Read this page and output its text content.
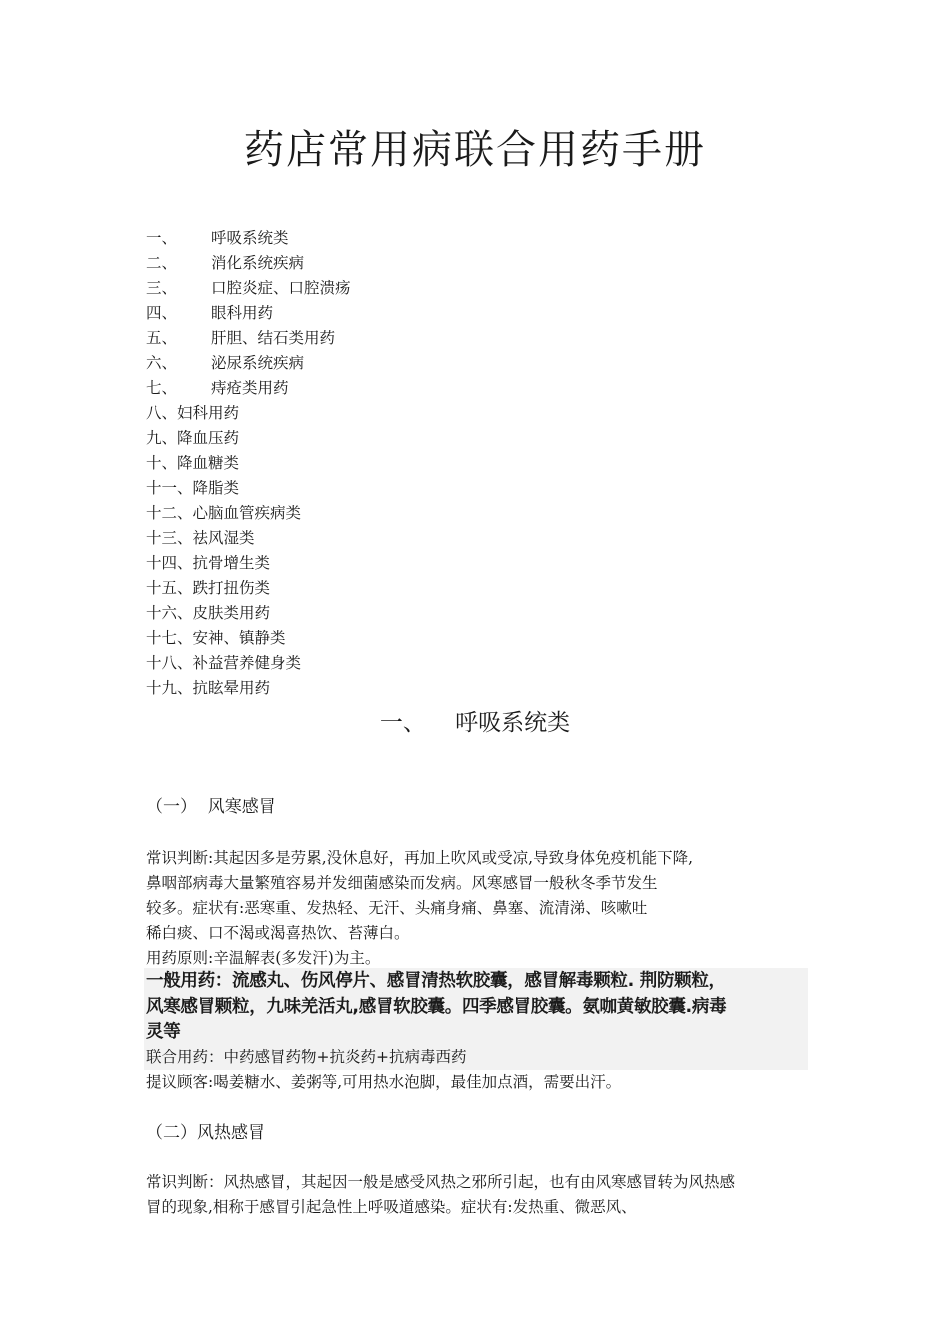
药店常用病联合用药手册
一、 呼吸系统类
二、 消化系统疾病
三、 口腔炎症、口腔溃疡
四、 眼科用药
五、 肝胆、结石类用药
六、 泌尿系统疾病
七、 痔疮类用药
八、妇科用药
九、降血压药
十、降血糖类
十一、降脂类
十二、心脑血管疾病类
十三、祛风湿类
十四、抗骨增生类
十五、跌打扭伤类
十六、皮肤类用药
十七、安神、镇静类
十八、补益营养健身类
十九、抗眩晕用药
一、    呼吸系统类
（一）  风寒感冒
常识判断:其起因多是劳累,没休息好，再加上吹风或受凉,导致身体免疫机能下降,
鼻咽部病毒大量繁殖容易并发细菌感染而发病。风寒感冒一般秋冬季节发生
较多。症状有:恶寒重、发热轻、无汗、头痛身痛、鼻塞、流清涕、咳嗽吐
稀白痰、口不渴或渴喜热饮、苔薄白。
用药原则:辛温解表(多发汗)为主。
一般用药：流感丸、伤风停片、感冒清热软胶囊，感冒解毒颗粒. 荆防颗粒，
风寒感冒颗粒，九味羌活丸,感冒软胶囊。四季感冒胶囊。氨咖黄敏胶囊.病毒
灵等
联合用药：中药感冒药物+抗炎药+抗病毒西药
提议顾客:喝姜糖水、姜粥等,可用热水泡脚，最佳加点酒，需要出汗。
（二）风热感冒
常识判断：风热感冒，其起因一般是感受风热之邪所引起，也有由风寒感冒转为风热感
冒的现象,相称于感冒引起急性上呼吸道感染。症状有:发热重、微恶风、
